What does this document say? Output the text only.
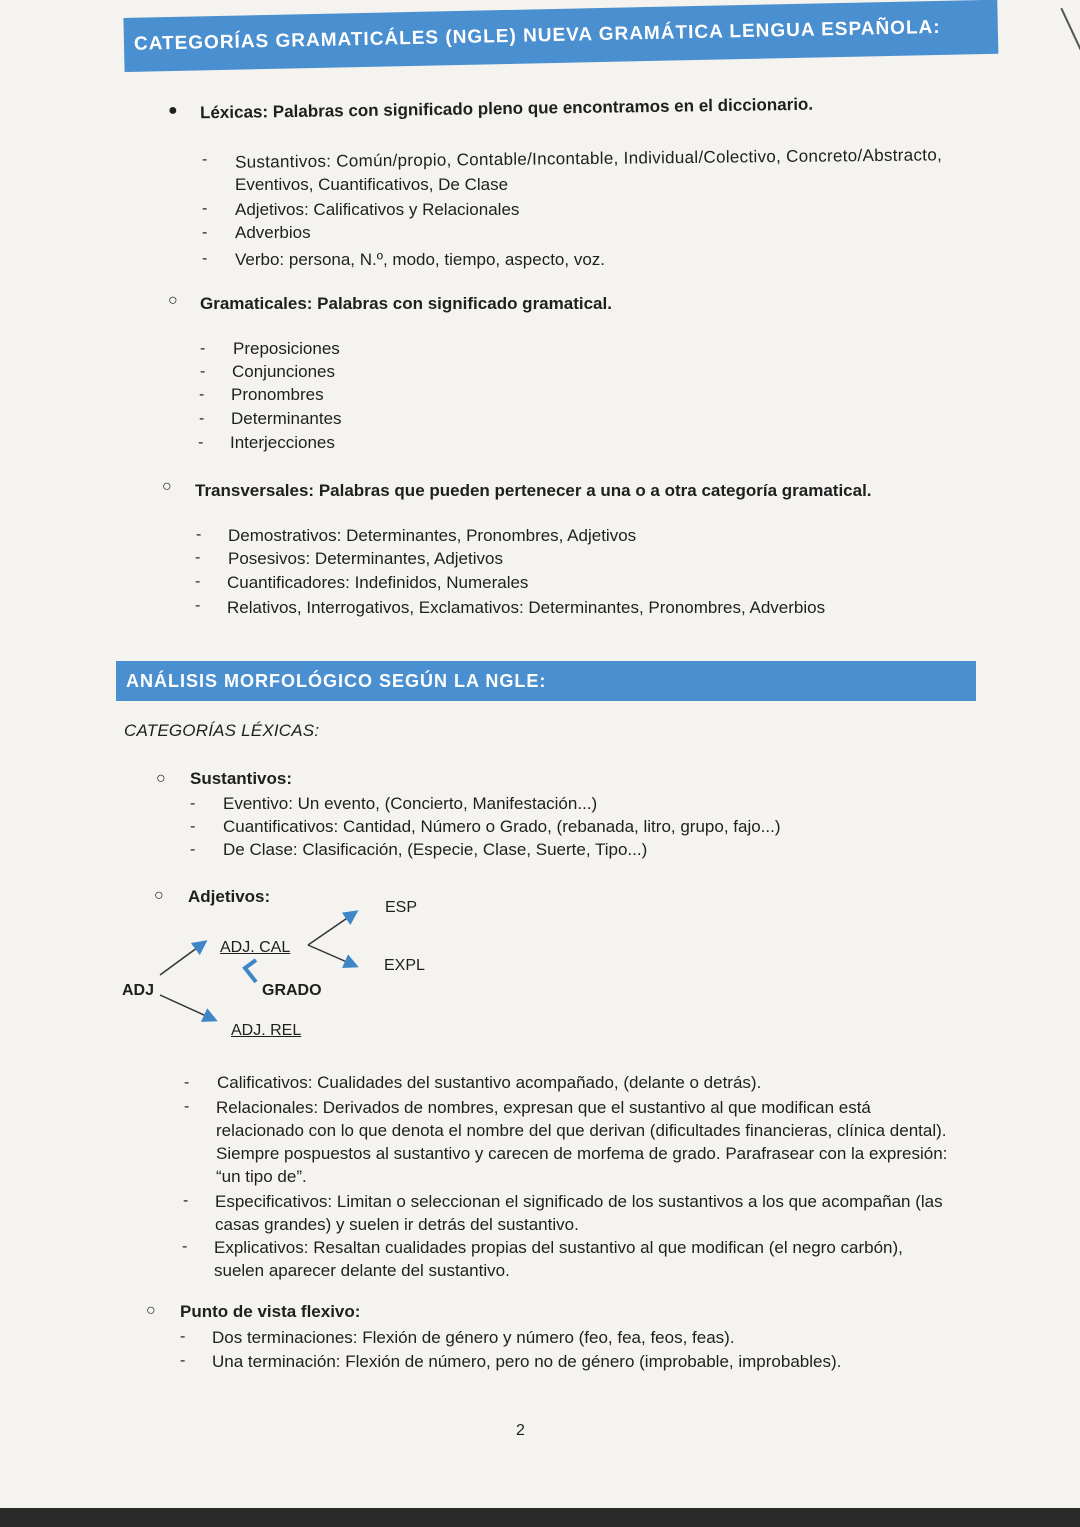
CATEGORÍAS GRAMATICÁLES (NGLE) NUEVA GRAMÁTICA LENGUA ESPAÑOLA:
● Léxicas: Palabras con significado pleno que encontramos en el diccionario.
- Sustantivos: Común/propio, Contable/Incontable, Individual/Colectivo, Concreto/Abstracto,
Eventivos, Cuantificativos, De Clase
- Adjetivos: Calificativos y Relacionales
- Adverbios
- Verbo: persona, N.º, modo, tiempo, aspecto, voz.
○ Gramaticales: Palabras con significado gramatical.
- Preposiciones
- Conjunciones
- Pronombres
- Determinantes
- Interjecciones
○ Transversales: Palabras que pueden pertenecer a una o a otra categoría gramatical.
- Demostrativos: Determinantes, Pronombres, Adjetivos
- Posesivos: Determinantes, Adjetivos
- Cuantificadores: Indefinidos, Numerales
- Relativos, Interrogativos, Exclamativos: Determinantes, Pronombres, Adverbios
ANÁLISIS MORFOLÓGICO SEGÚN LA NGLE:
CATEGORÍAS LÉXICAS:
○ Sustantivos:
- Eventivo: Un evento, (Concierto, Manifestación...)
- Cuantificativos: Cantidad, Número o Grado, (rebanada, litro, grupo, fajo...)
- De Clase: Clasificación, (Especie, Clase, Suerte, Tipo...)
○ Adjetivos:
ADJ
ADJ. CAL
GRADO
ADJ. REL
ESP
EXPL
- Calificativos: Cualidades del sustantivo acompañado, (delante o detrás).
- Relacionales: Derivados de nombres, expresan que el sustantivo al que modifican está relacionado con lo que denota el nombre del que derivan (dificultades financieras, clínica dental). Siempre pospuestos al sustantivo y carecen de morfema de grado. Parafrasear con la expresión: “un tipo de”.
- Especificativos: Limitan o seleccionan el significado de los sustantivos a los que acompañan (las casas grandes) y suelen ir detrás del sustantivo.
- Explicativos: Resaltan cualidades propias del sustantivo al que modifican (el negro carbón), suelen aparecer delante del sustantivo.
○ Punto de vista flexivo:
- Dos terminaciones: Flexión de género y número (feo, fea, feos, feas).
- Una terminación: Flexión de número, pero no de género (improbable, improbables).
2
